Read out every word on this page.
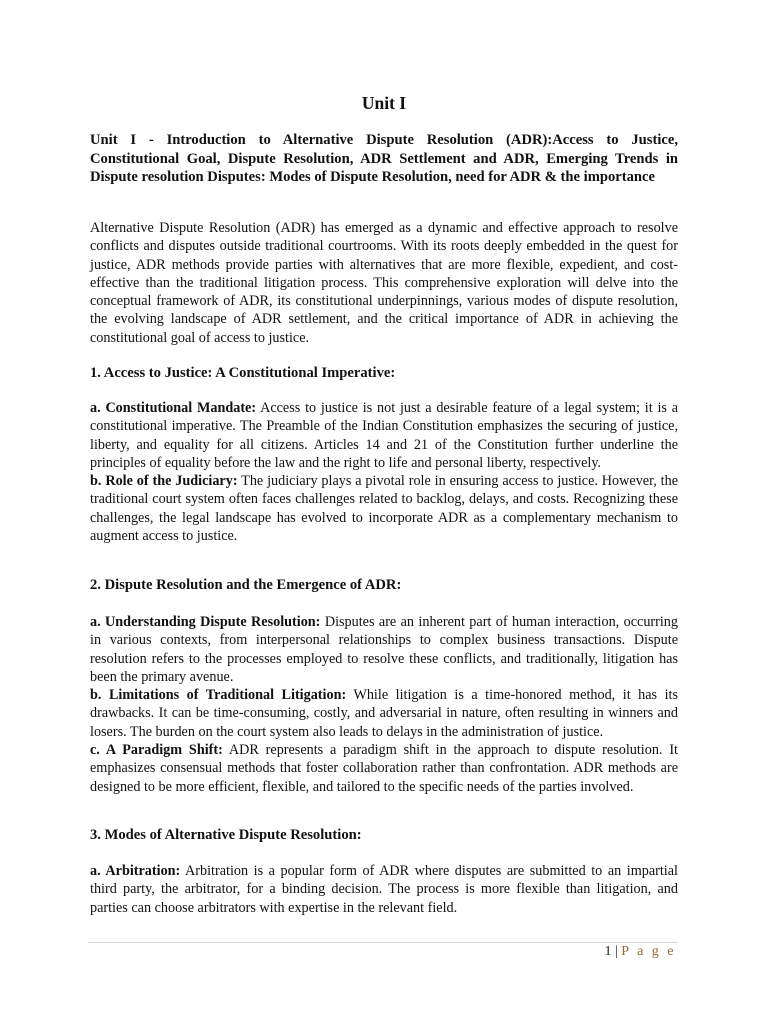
Unit I

Unit I - Introduction to Alternative Dispute Resolution (ADR):Access to Justice, Constitutional Goal, Dispute Resolution, ADR Settlement and ADR, Emerging Trends in Dispute resolution Disputes: Modes of Dispute Resolution, need for ADR & the importance

Alternative Dispute Resolution (ADR) has emerged as a dynamic and effective approach to resolve conflicts and disputes outside traditional courtrooms. With its roots deeply embedded in the quest for justice, ADR methods provide parties with alternatives that are more flexible, expedient, and cost-effective than the traditional litigation process. This comprehensive exploration will delve into the conceptual framework of ADR, its constitutional underpinnings, various modes of dispute resolution, the evolving landscape of ADR settlement, and the critical importance of ADR in achieving the constitutional goal of access to justice.

1. Access to Justice: A Constitutional Imperative:

a. Constitutional Mandate: Access to justice is not just a desirable feature of a legal system; it is a constitutional imperative. The Preamble of the Indian Constitution emphasizes the securing of justice, liberty, and equality for all citizens. Articles 14 and 21 of the Constitution further underline the principles of equality before the law and the right to life and personal liberty, respectively.

b. Role of the Judiciary: The judiciary plays a pivotal role in ensuring access to justice. However, the traditional court system often faces challenges related to backlog, delays, and costs. Recognizing these challenges, the legal landscape has evolved to incorporate ADR as a complementary mechanism to augment access to justice.

2. Dispute Resolution and the Emergence of ADR:

a. Understanding Dispute Resolution: Disputes are an inherent part of human interaction, occurring in various contexts, from interpersonal relationships to complex business transactions. Dispute resolution refers to the processes employed to resolve these conflicts, and traditionally, litigation has been the primary avenue.

b. Limitations of Traditional Litigation: While litigation is a time-honored method, it has its drawbacks. It can be time-consuming, costly, and adversarial in nature, often resulting in winners and losers. The burden on the court system also leads to delays in the administration of justice.

c. A Paradigm Shift: ADR represents a paradigm shift in the approach to dispute resolution. It emphasizes consensual methods that foster collaboration rather than confrontation. ADR methods are designed to be more efficient, flexible, and tailored to the specific needs of the parties involved.

3. Modes of Alternative Dispute Resolution:

a. Arbitration: Arbitration is a popular form of ADR where disputes are submitted to an impartial third party, the arbitrator, for a binding decision. The process is more flexible than litigation, and parties can choose arbitrators with expertise in the relevant field.

1 | P a g e
